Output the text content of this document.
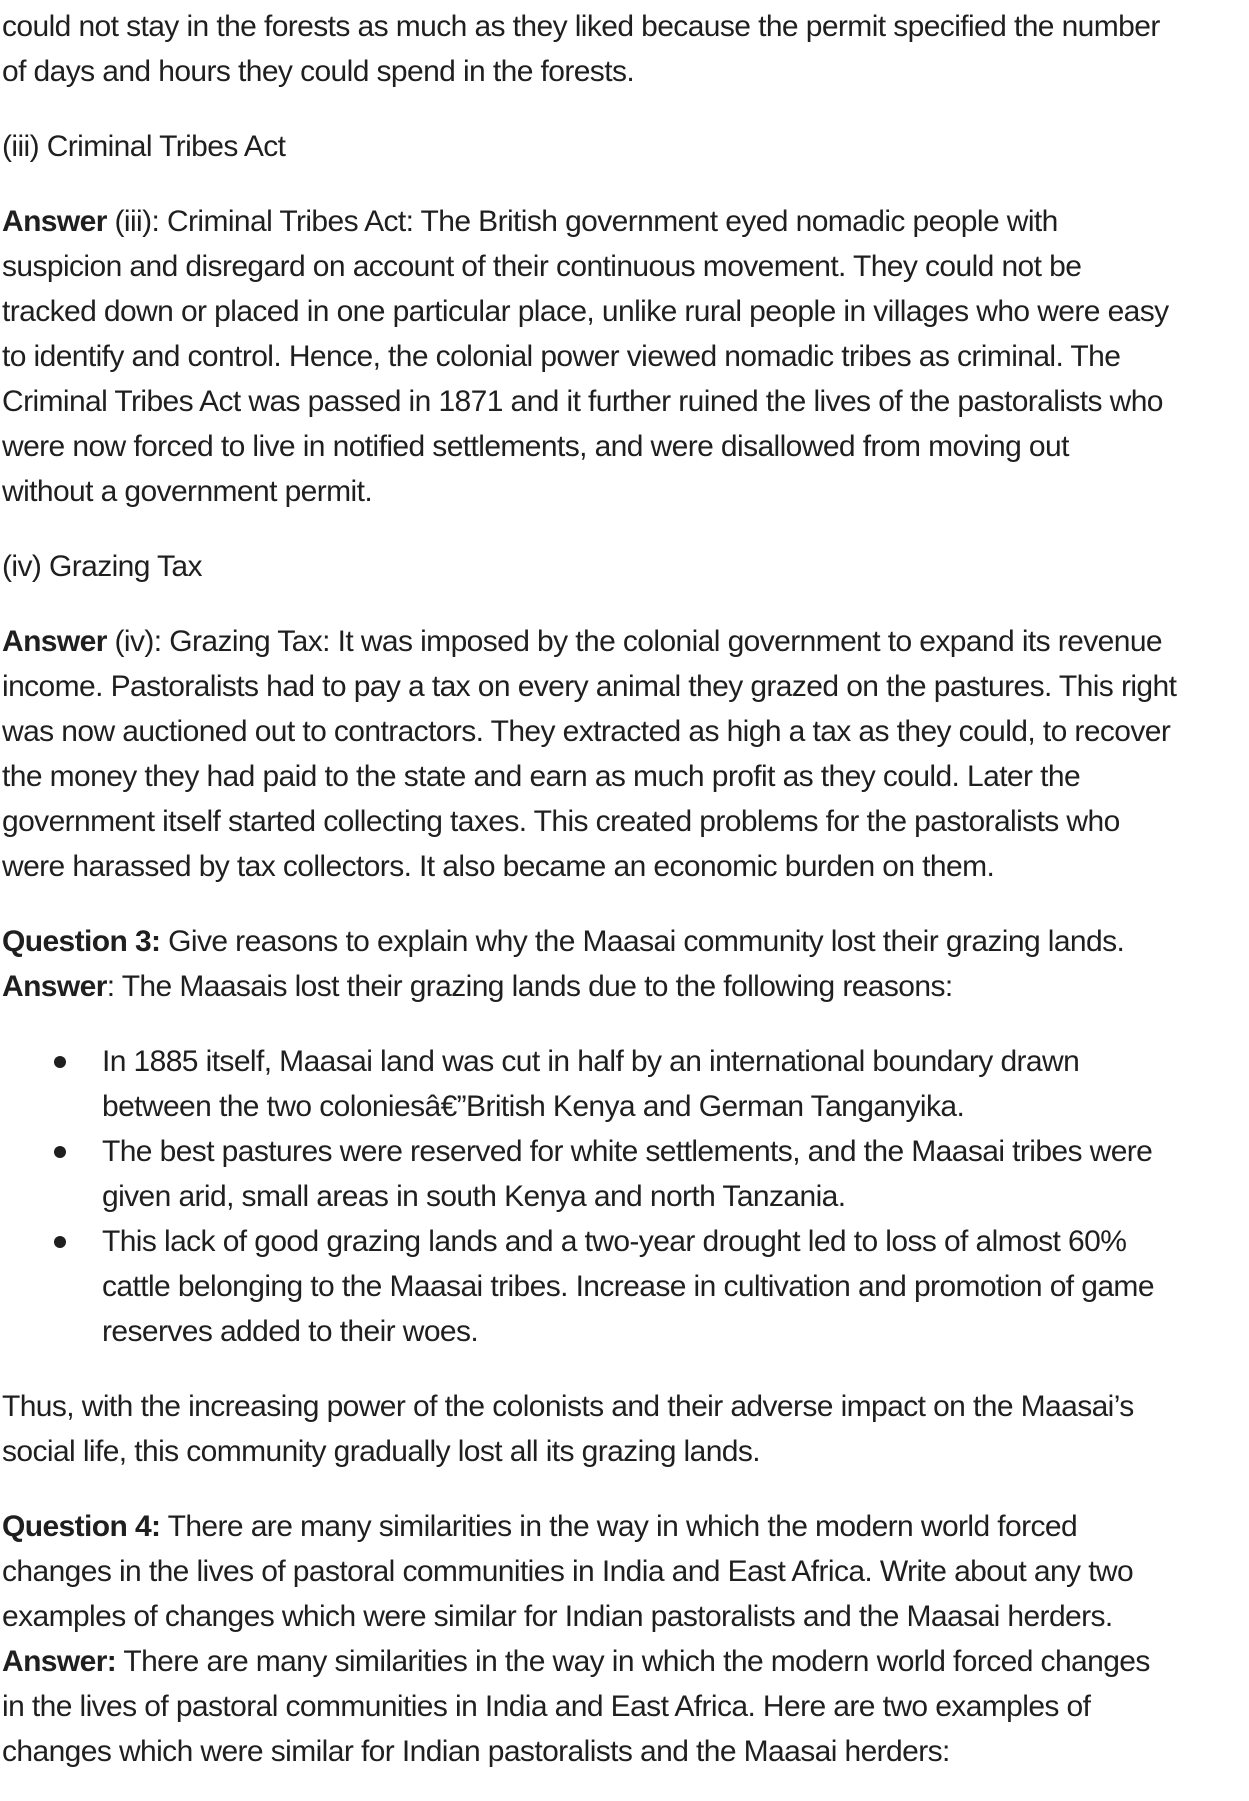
could not stay in the forests as much as they liked because the permit specified the number
of days and hours they could spend in the forests.
(iii) Criminal Tribes Act
Answer (iii): Criminal Tribes Act: The British government eyed nomadic people with
suspicion and disregard on account of their continuous movement. They could not be
tracked down or placed in one particular place, unlike rural people in villages who were easy
to identify and control. Hence, the colonial power viewed nomadic tribes as criminal. The
Criminal Tribes Act was passed in 1871 and it further ruined the lives of the pastoralists who
were now forced to live in notified settlements, and were disallowed from moving out
without a government permit.
(iv) Grazing Tax
Answer (iv): Grazing Tax: It was imposed by the colonial government to expand its revenue
income. Pastoralists had to pay a tax on every animal they grazed on the pastures. This right
was now auctioned out to contractors. They extracted as high a tax as they could, to recover
the money they had paid to the state and earn as much profit as they could. Later the
government itself started collecting taxes. This created problems for the pastoralists who
were harassed by tax collectors. It also became an economic burden on them.
Question 3: Give reasons to explain why the Maasai community lost their grazing lands.
Answer: The Maasais lost their grazing lands due to the following reasons:
In 1885 itself, Maasai land was cut in half by an international boundary drawn
between the two coloniesâ€”British Kenya and German Tanganyika.
The best pastures were reserved for white settlements, and the Maasai tribes were
given arid, small areas in south Kenya and north Tanzania.
This lack of good grazing lands and a two-year drought led to loss of almost 60%
cattle belonging to the Maasai tribes. Increase in cultivation and promotion of game
reserves added to their woes.
Thus, with the increasing power of the colonists and their adverse impact on the Maasai’s
social life, this community gradually lost all its grazing lands.
Question 4: There are many similarities in the way in which the modern world forced
changes in the lives of pastoral communities in India and East Africa. Write about any two
examples of changes which were similar for Indian pastoralists and the Maasai herders.
Answer: There are many similarities in the way in which the modern world forced changes
in the lives of pastoral communities in India and East Africa. Here are two examples of
changes which were similar for Indian pastoralists and the Maasai herders:
